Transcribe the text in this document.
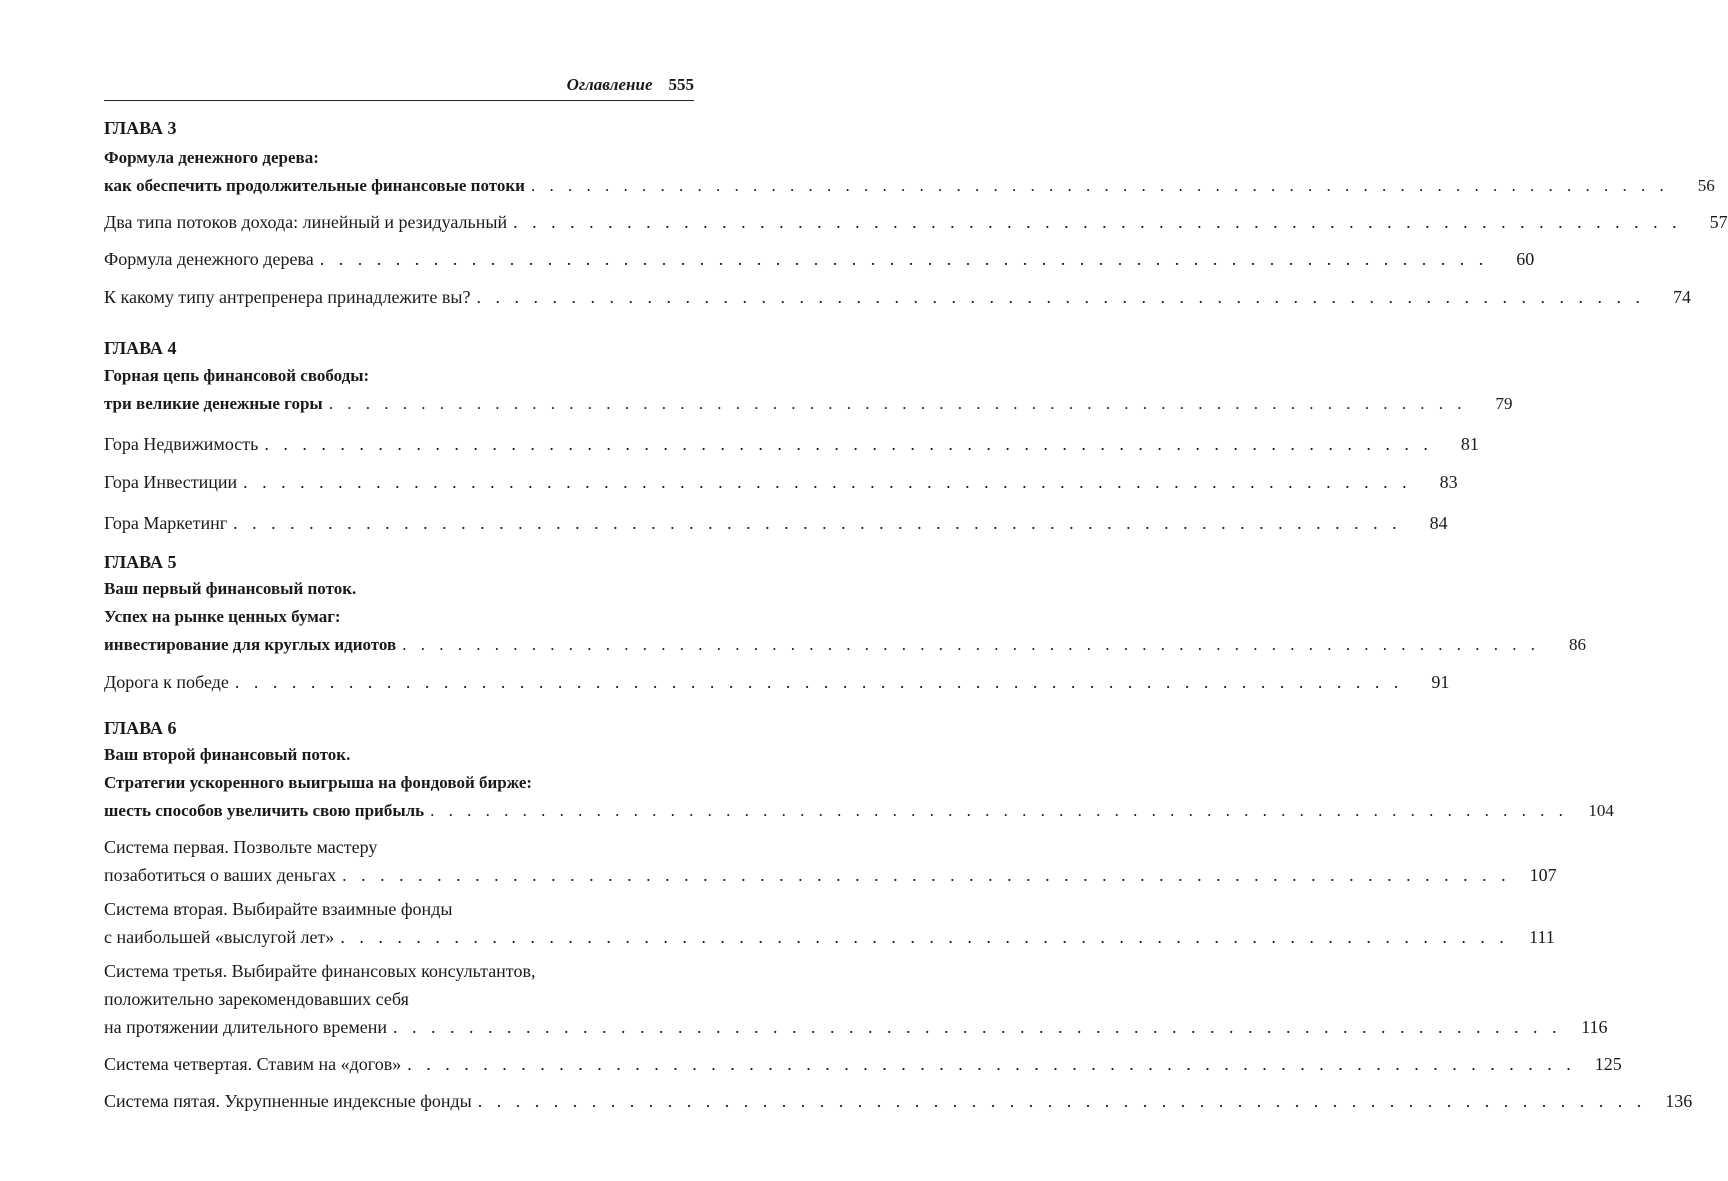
Оглавление 555
ГЛАВА 3
Формула денежного дерева:
как обеспечить продолжительные финансовые потоки . . . . . . . . . . . . . . . . . . . . . . . . . . . . . . . . . . . . . . . . . . . . . . . . . . . . . . . . . . . . . .	56
Два типа потоков дохода: линейный и резидуальный . . . . . . . . . . . . . . . . . . . . . . . . . . . . . . . . . . . . . . . . . . . . . . . . . . . . . . . . . . . . . .	57
Формула денежного дерева . . . . . . . . . . . . . . . . . . . . . . . . . . . . . . . . . . . . . . . . . . . . . . . . . . . . . . . . . . . . . .	60
К какому типу антрепренера принадлежите вы? . . . . . . . . . . . . . . . . . . . . . . . . . . . . . . . . . . . . . . . . . . . . . . . . . . . . . . . . . . . . . .	74
ГЛАВА 4
Горная цепь финансовой свободы:
три великие денежные горы . . . . . . . . . . . . . . . . . . . . . . . . . . . . . . . . . . . . . . . . . . . . . . . . . . . . . . . . . . . . . .	79
Гора Недвижимость . . . . . . . . . . . . . . . . . . . . . . . . . . . . . . . . . . . . . . . . . . . . . . . . . . . . . . . . . . . . . .	81
Гора Инвестиции . . . . . . . . . . . . . . . . . . . . . . . . . . . . . . . . . . . . . . . . . . . . . . . . . . . . . . . . . . . . . .	83
Гора Маркетинг . . . . . . . . . . . . . . . . . . . . . . . . . . . . . . . . . . . . . . . . . . . . . . . . . . . . . . . . . . . . . .	84
ГЛАВА 5
Ваш первый финансовый поток.
Успех на рынке ценных бумаг:
инвестирование для круглых идиотов . . . . . . . . . . . . . . . . . . . . . . . . . . . . . . . . . . . . . . . . . . . . . . . . . . . . . . . . . . . . . .	86
Дорога к победе . . . . . . . . . . . . . . . . . . . . . . . . . . . . . . . . . . . . . . . . . . . . . . . . . . . . . . . . . . . . . .	91
ГЛАВА 6
Ваш второй финансовый поток.
Стратегии ускоренного выигрыша на фондовой бирже:
шесть способов увеличить свою прибыль . . . . . . . . . . . . . . . . . . . . . . . . . . . . . . . . . . . . . . . . . . . . . . . . . . . . . . . . . . . . . .	104
Система первая. Позвольте мастеру
позаботиться о ваших деньгах . . . . . . . . . . . . . . . . . . . . . . . . . . . . . . . . . . . . . . . . . . . . . . . . . . . . . . . . . . . . . .	107
Система вторая. Выбирайте взаимные фонды
с наибольшей «выслугой лет» . . . . . . . . . . . . . . . . . . . . . . . . . . . . . . . . . . . . . . . . . . . . . . . . . . . . . . . . . . . . . .	111
Система третья. Выбирайте финансовых консультантов,
положительно зарекомендовавших себя
на протяжении длительного времени . . . . . . . . . . . . . . . . . . . . . . . . . . . . . . . . . . . . . . . . . . . . . . . . . . . . . . . . . . . . . .	116
Система четвертая. Ставим на «догов» . . . . . . . . . . . . . . . . . . . . . . . . . . . . . . . . . . . . . . . . . . . . . . . . . . . . . . . . . . . . . .	125
Система пятая. Укрупненные индексные фонды . . . . . . . . . . . . . . . . . . . . . . . . . . . . . . . . . . . . . . . . . . . . . . . . . . . . . . . . . . . . . .	136
